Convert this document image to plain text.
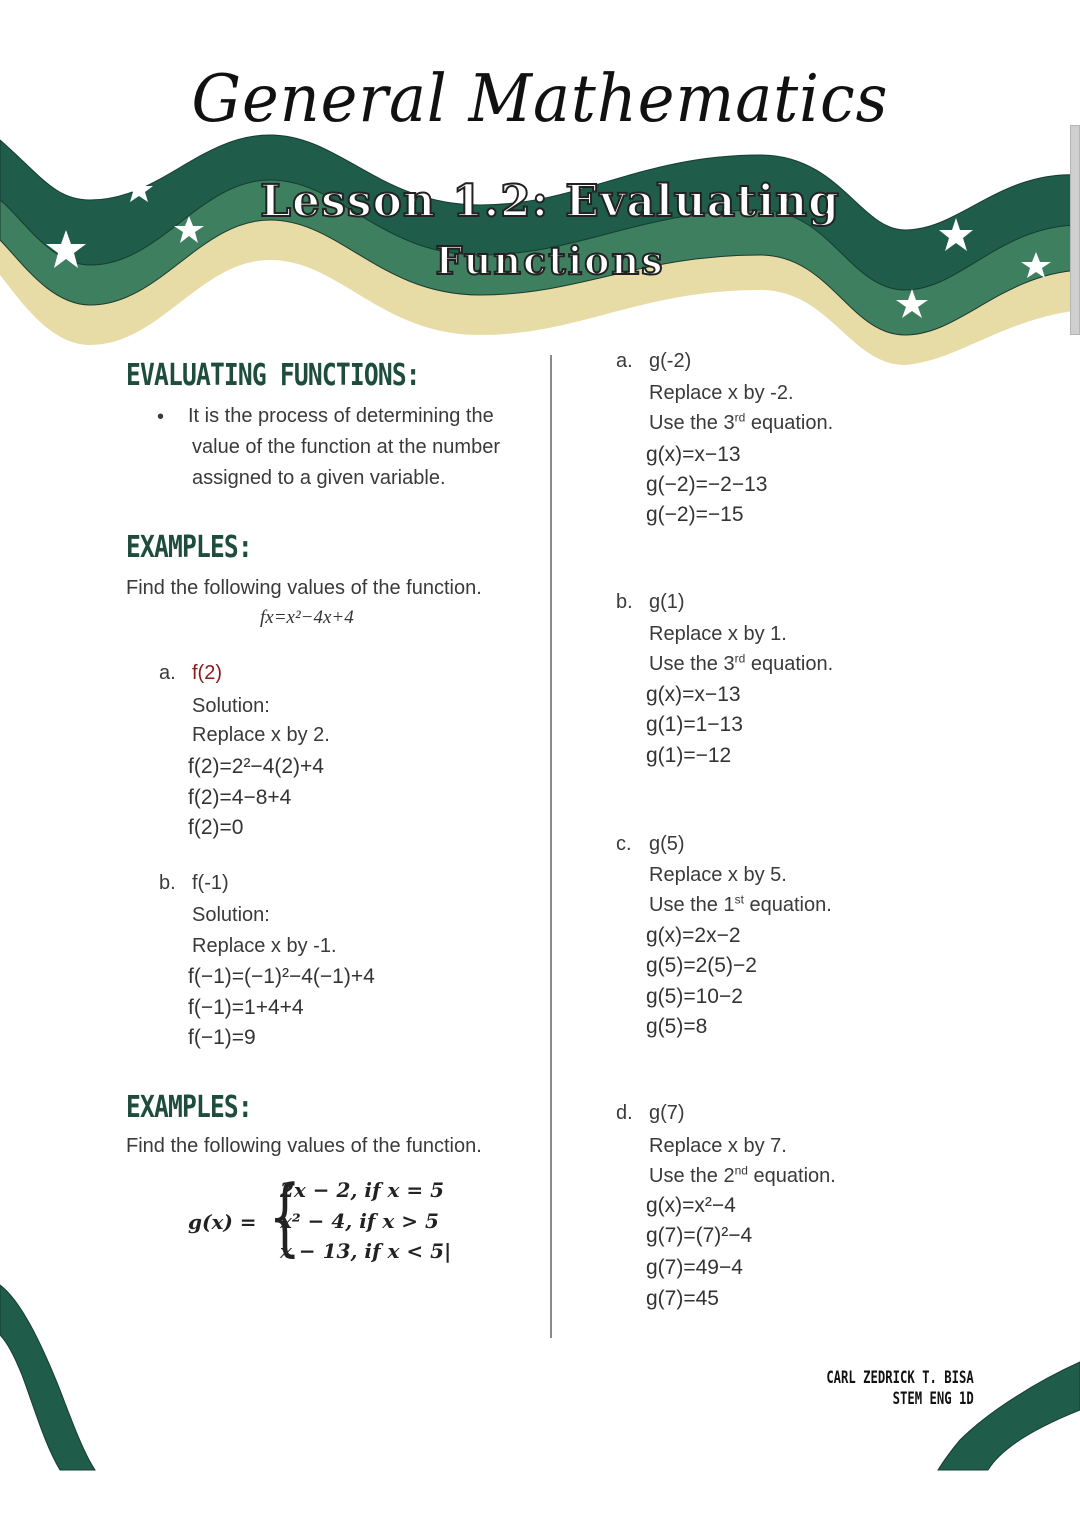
General Mathematics
Lesson 1.2: Evaluating
Functions
EVALUATING FUNCTIONS:
• It is the process of determining the
value of the function at the number
assigned to a given variable.
EXAMPLES:
Find the following values of the function.
fx=x²−4x+4
a. f(2)
Solution:
Replace x by 2.
f(2)=2²−4(2)+4
f(2)=4−8+4
f(2)=0
b. f(-1)
Solution:
Replace x by -1.
f(−1)=(−1)²−4(−1)+4
f(−1)=1+4+4
f(−1)=9
EXAMPLES:
Find the following values of the function.
g(x) = {
2x − 2, if x = 5
x² − 4, if x > 5
x − 13, if x < 5|
a. g(-2)
Replace x by -2.
Use the 3rd equation.
g(x)=x−13
g(−2)=−2−13
g(−2)=−15
b. g(1)
Replace x by 1.
Use the 3rd equation.
g(x)=x−13
g(1)=1−13
g(1)=−12
c. g(5)
Replace x by 5.
Use the 1st equation.
g(x)=2x−2
g(5)=2(5)−2
g(5)=10−2
g(5)=8
d. g(7)
Replace x by 7.
Use the 2nd equation.
g(x)=x²−4
g(7)=(7)²−4
g(7)=49−4
g(7)=45
CARL ZEDRICK T. BISA
STEM ENG 1D
